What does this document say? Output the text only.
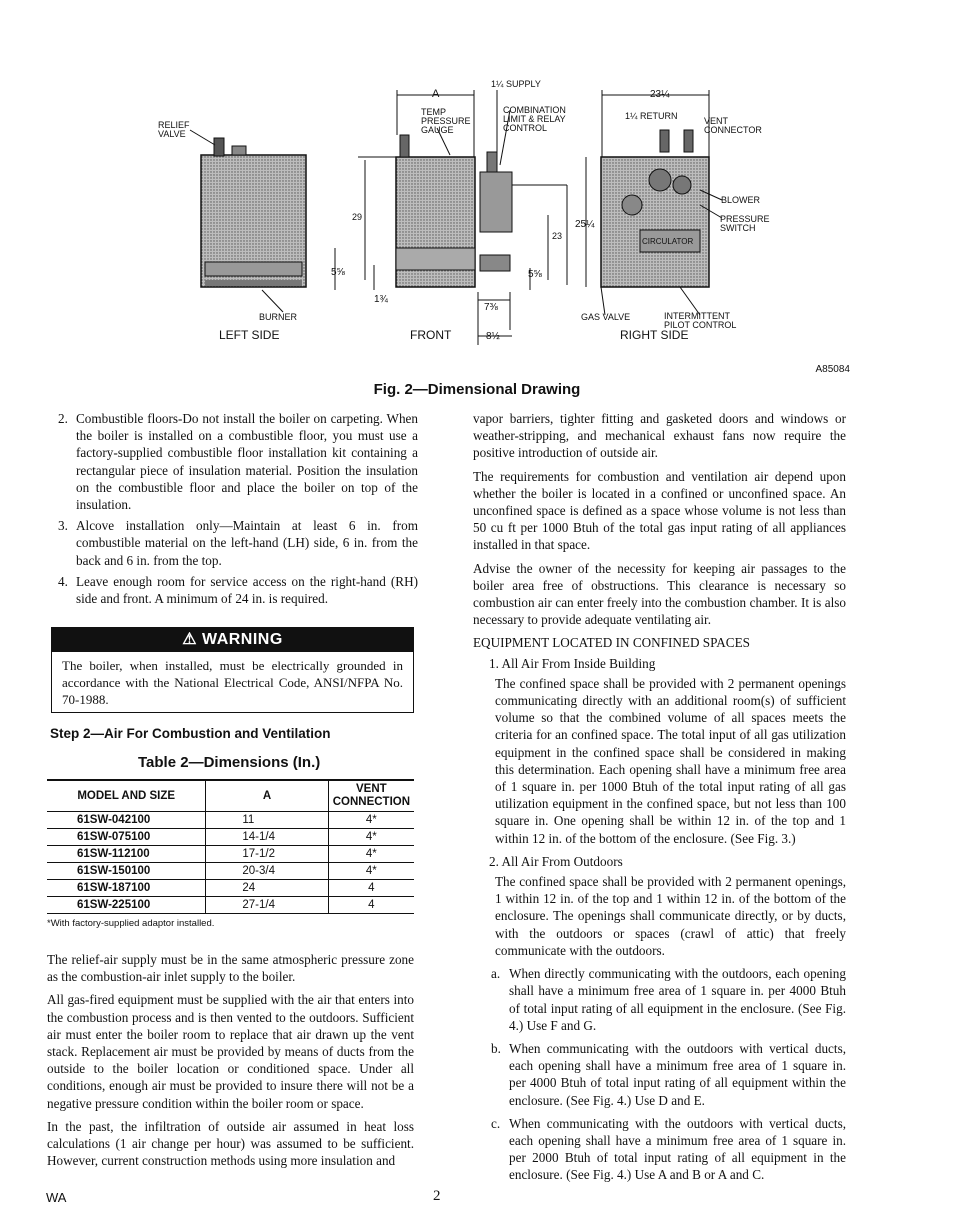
RELIEF VALVE
BURNER
LEFT SIDE	FRONT	RIGHT SIDE
TEMP PRESSURE GAUGE
1¼ SUPPLY
COMBINATION LIMIT & RELAY CONTROL
1¼ RETURN	VENT CONNECTOR
BLOWER
PRESSURE SWITCH
CIRCULATOR
GAS VALVE	INTERMITTENT PILOT CONTROL
A
29
23
25¼
5⅝	5⅝
1¾
7⅜
8½
23¼
A85084
Fig. 2—Dimensional Drawing
2. Combustible floors-Do not install the boiler on carpeting. When the boiler is installed on a combustible floor, you must use a factory-supplied combustible floor installation kit containing a rectangular piece of insulation material. Position the insulation on the combustible floor and place the boiler on top of the insulation.
3. Alcove installation only—Maintain at least 6 in. from combustible material on the left-hand (LH) side, 6 in. from the back and 6 in. from the top.
4. Leave enough room for service access on the right-hand (RH) side and front. A minimum of 24 in. is required.
⚠ WARNING
The boiler, when installed, must be electrically grounded in accordance with the National Electrical Code, ANSI/NFPA No. 70-1988.
Step 2—Air For Combustion and Ventilation
Table 2—Dimensions (In.)
MODEL AND SIZE	A	VENT CONNECTION
61SW-042100	11	4*
61SW-075100	14-1/4	4*
61SW-112100	17-1/2	4*
61SW-150100	20-3/4	4*
61SW-187100	24	4
61SW-225100	27-1/4	4
*With factory-supplied adaptor installed.

The relief-air supply must be in the same atmospheric pressure zone as the combustion-air inlet supply to the boiler.

All gas-fired equipment must be supplied with the air that enters into the combustion process and is then vented to the outdoors. Sufficient air must enter the boiler room to replace that air drawn up the vent stack. Replacement air must be provided by means of ducts from the outside to the boiler location or conditioned space. Under all conditions, enough air must be provided to insure there will not be a negative pressure condition within the boiler room or space.

In the past, the infiltration of outside air assumed in heat loss calculations (1 air change per hour) was assumed to be sufficient. However, current construction methods using more insulation and

vapor barriers, tighter fitting and gasketed doors and windows or weather-stripping, and mechanical exhaust fans now require the positive introduction of outside air.

The requirements for combustion and ventilation air depend upon whether the boiler is located in a confined or unconfined space. An unconfined space is defined as a space whose volume is not less than 50 cu ft per 1000 Btuh of the total gas input rating of all appliances installed in that space.

Advise the owner of the necessity for keeping air passages to the boiler area free of obstructions. This clearance is necessary so combustion air can enter freely into the combustion chamber. It is also necessary to provide adequate ventilating air.

EQUIPMENT LOCATED IN CONFINED SPACES

1. All Air From Inside Building

The confined space shall be provided with 2 permanent openings communicating directly with an additional room(s) of sufficient volume so that the combined volume of all spaces meets the criteria for an confined space. The total input of all gas utilization equipment in the confined space shall be considered in making this determination. Each opening shall have a minimum free area of 1 square in. per 1000 Btuh of the total input rating of all gas utilization equipment in the confined space, but not less than 100 square in. One opening shall be within 12 in. of the top and 1 within 12 in. of the bottom of the enclosure. (See Fig. 3.)

2. All Air From Outdoors

The confined space shall be provided with 2 permanent openings, 1 within 12 in. of the top and 1 within 12 in. of the bottom of the enclosure. The openings shall communicate directly, or by ducts, with the outdoors or spaces (crawl of attic) that freely communicate with the outdoors.

a. When directly communicating with the outdoors, each opening shall have a minimum free area of 1 square in. per 4000 Btuh of total input rating of all equipment in the enclosure. (See Fig. 4.) Use F and G.

b. When communicating with the outdoors with vertical ducts, each opening shall have a minimum free area of 1 square in. per 4000 Btuh of total input rating of all equipment within the enclosure. (See Fig. 4.) Use D and E.

c. When communicating with the outdoors with vertical ducts, each opening shall have a minimum free area of 1 square in. per 2000 Btuh of total input rating of all equipment in the enclosure. (See Fig. 4.) Use A and B or A and C.

WA	2
